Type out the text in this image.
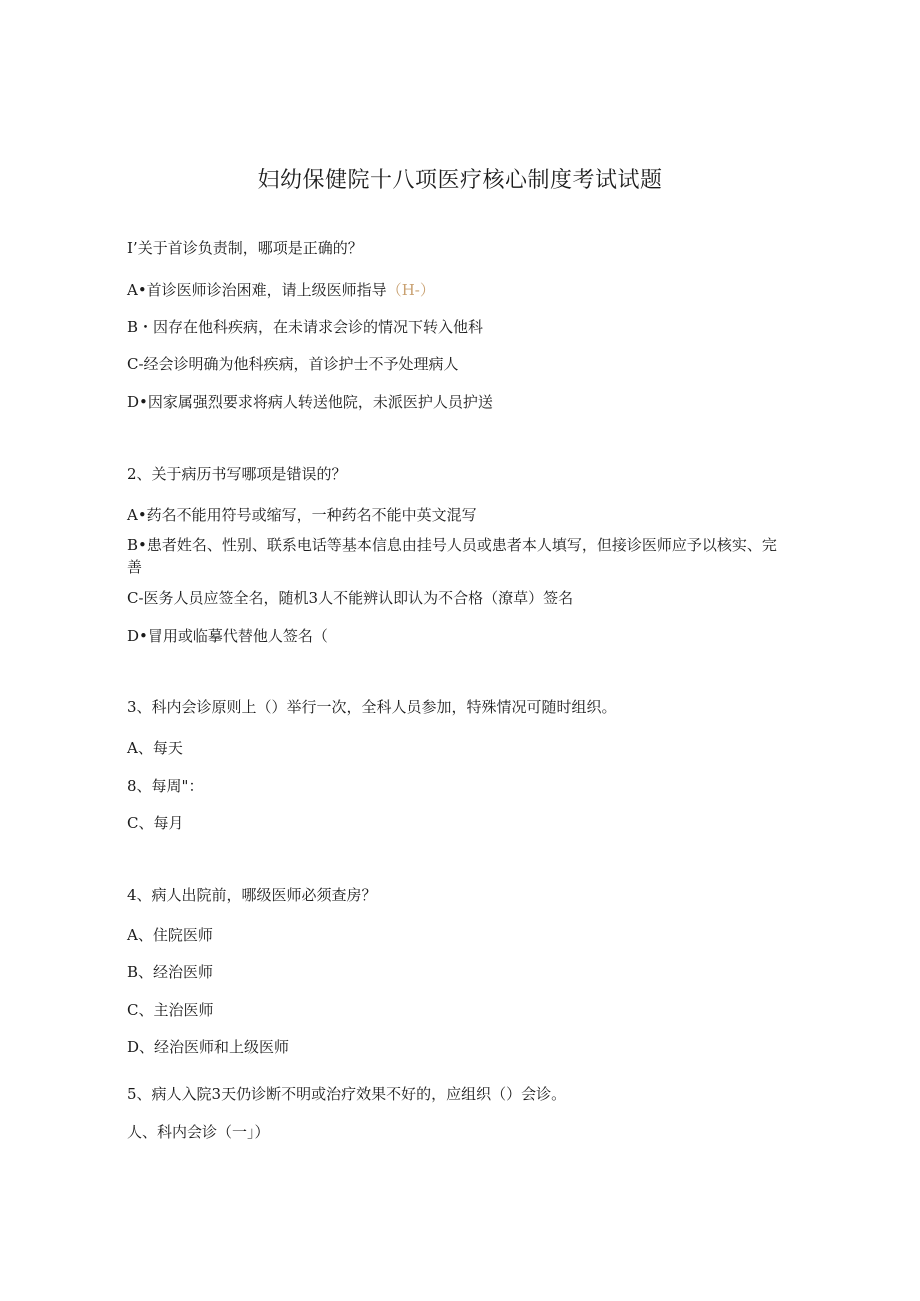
妇幼保健院十八项医疗核心制度考试试题
I’关于首诊负责制，哪项是正确的？
A•首诊医师诊治困难，请上级医师指导（H-）
B・因存在他科疾病，在未请求会诊的情况下转入他科
C-经会诊明确为他科疾病，首诊护士不予处理病人
D•因家属强烈要求将病人转送他院，未派医护人员护送
2、关于病历书写哪项是错误的？
A•药名不能用符号或缩写，一种药名不能中英文混写
B•患者姓名、性别、联系电话等基本信息由挂号人员或患者本人填写，但接诊医师应予以核实、完善
C-医务人员应签全名，随机3人不能辨认即认为不合格（潦草）签名
D•冒用或临摹代替他人签名（
3、科内会诊原则上（）举行一次，全科人员参加，特殊情况可随时组织。
A、每天
8、每周"：
C、每月
4、病人出院前，哪级医师必须查房？
A、住院医师
B、经治医师
C、主治医师
D、经治医师和上级医师
5、病人入院3天仍诊断不明或治疗效果不好的，应组织（）会诊。
人、科内会诊（一」）
